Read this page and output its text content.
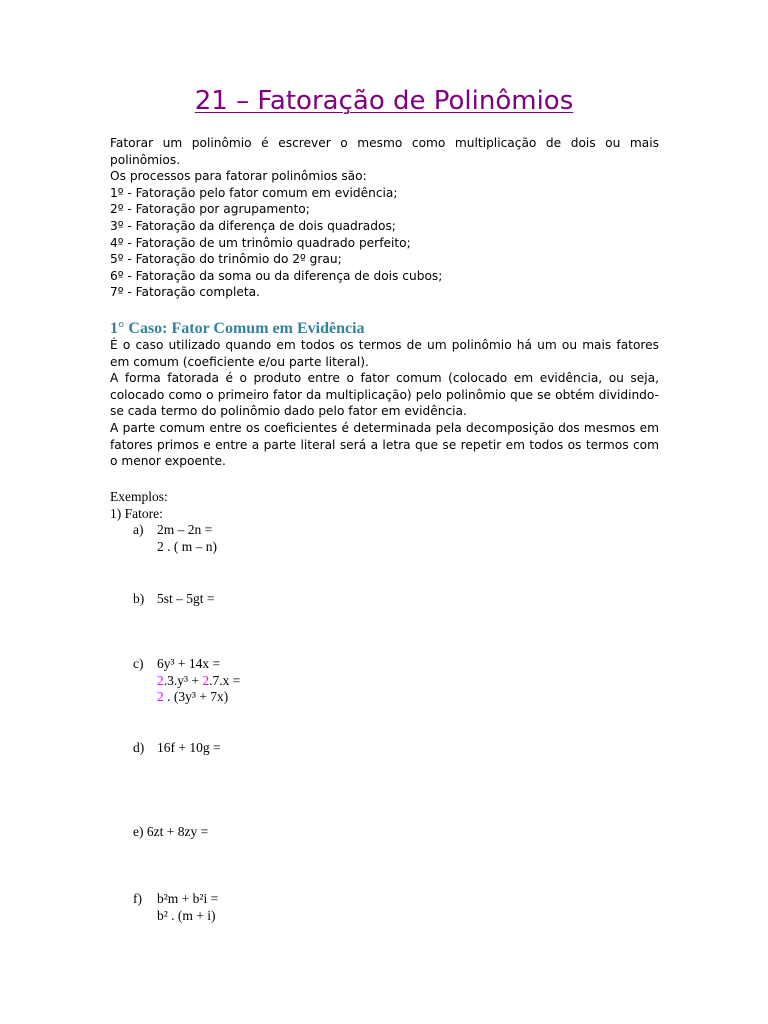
21 – Fatoração de Polinômios

Fatorar um polinômio é escrever o mesmo como multiplicação de dois ou mais polinômios.

Os processos para fatorar polinômios são:

1º - Fatoração pelo fator comum em evidência;
2º - Fatoração por agrupamento;
3º - Fatoração da diferença de dois quadrados;
4º - Fatoração de um trinômio quadrado perfeito;
5º - Fatoração do trinômio do 2º grau;
6º - Fatoração da soma ou da diferença de dois cubos;
7º - Fatoração completa.
1° Caso: Fator Comum em Evidência

É o caso utilizado quando em todos os termos de um polinômio há um ou mais fatores em comum (coeficiente e/ou parte literal).

A forma fatorada é o produto entre o fator comum (colocado em evidência, ou seja, colocado como o primeiro fator da multiplicação) pelo polinômio que se obtém dividindo-se cada termo do polinômio dado pelo fator em evidência.

A parte comum entre os coeficientes é determinada pela decomposição dos mesmos em fatores primos e entre a parte literal será a letra que se repetir em todos os termos com o menor expoente.

Exemplos:

1) Fatore:

a) 2m – 2n =
2 . ( m – n)
b) 5st – 5gt =
c) 6y³ + 14x =
2.3.y³ + 2.7.x =
2 . (3y³ + 7x)
d) 16f + 10g =
e) 6zt + 8zy =
f) b²m + b²i =
b² . (m + i)
